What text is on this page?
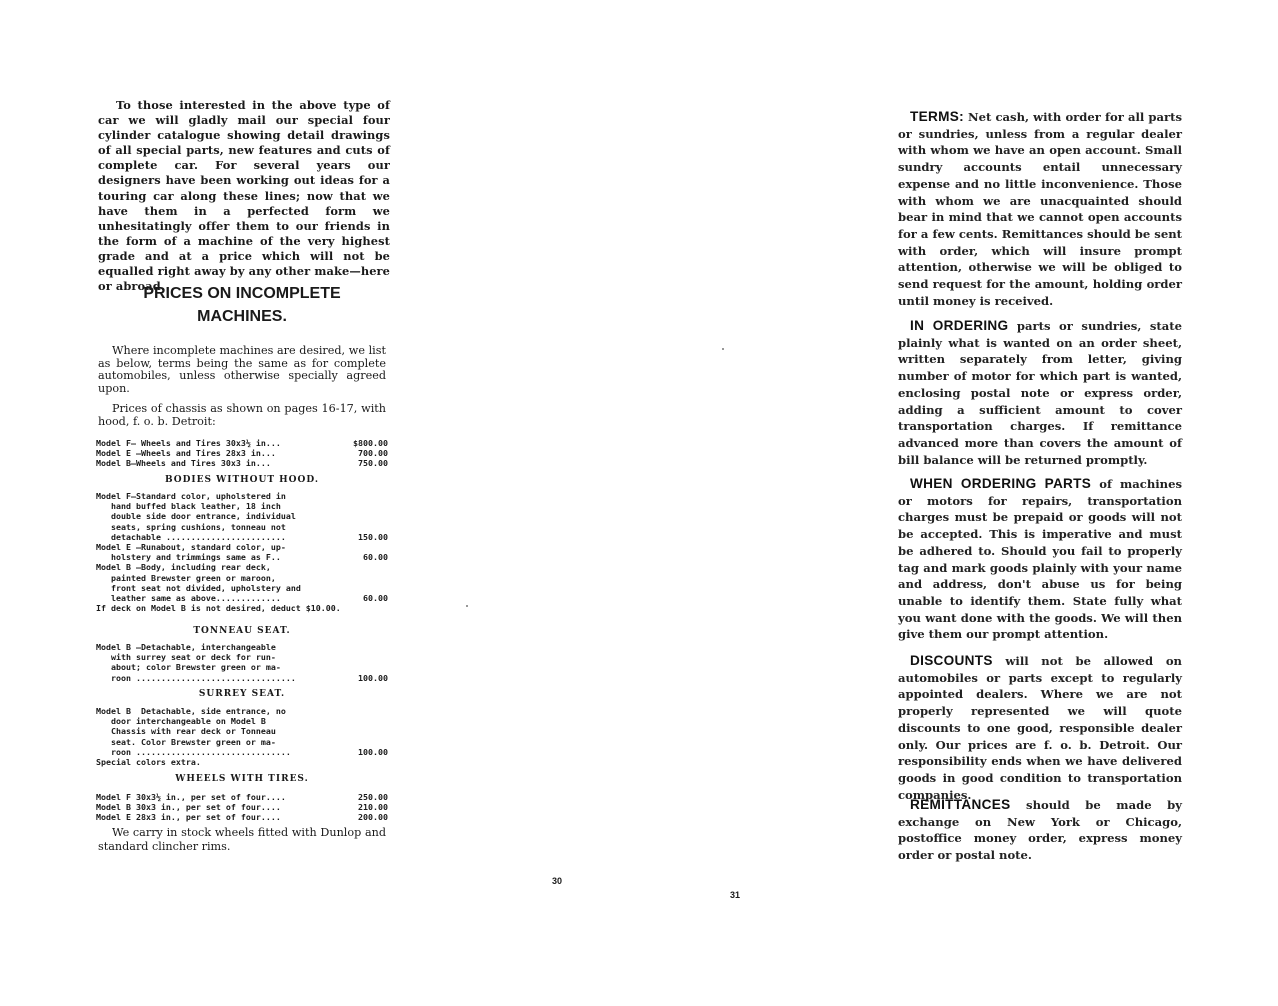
To those interested in the above type of car we will gladly mail our special four cylinder catalogue showing detail drawings of all special parts, new features and cuts of complete car. For several years our designers have been working out ideas for a touring car along these lines; now that we have them in a perfected form we unhesitatingly offer them to our friends in the form of a machine of the very highest grade and at a price which will not be equalled right away by any other make—here or abroad.
PRICES ON INCOMPLETE
MACHINES.
Where incomplete machines are desired, we list as below, terms being the same as for complete automobiles, unless otherwise specially agreed upon.
Prices of chassis as shown on pages 16-17, with hood, f. o. b. Detroit:
Model F— Wheels and Tires 30x3½ in...	$800.00
Model E —Wheels and Tires 28x3 in...	700.00
Model B—Wheels and Tires 30x3 in...	750.00
BODIES WITHOUT HOOD.
Model F—Standard color, upholstered in
hand buffed black leather, 18 inch
double side door entrance, individual
seats, spring cushions, tonneau not
detachable ........................	150.00
Model E —Runabout, standard color, up-
holstery and trimmings same as F..	60.00
Model B —Body, including rear deck,
painted Brewster green or maroon,
front seat not divided, upholstery and
leather same as above.............	60.00
If deck on Model B is not desired, deduct $10.00.
TONNEAU SEAT.
Model B —Detachable, interchangeable
with surrey seat or deck for run-
about; color Brewster green or ma-
roon ................................	100.00
SURREY SEAT.
Model B  Detachable, side entrance, no
door interchangeable on Model B
Chassis with rear deck or Tonneau
seat. Color Brewster green or ma-
roon ...............................	100.00
Special colors extra.
WHEELS WITH TIRES.
Model F 30x3½ in., per set of four....	250.00
Model B 30x3 in., per set of four....	210.00
Model E 28x3 in., per set of four....	200.00
We carry in stock wheels fitted with Dunlop and standard clincher rims.
30

TERMS: Net cash, with order for all parts or sundries, unless from a regular dealer with whom we have an open account. Small sundry accounts entail unnecessary expense and no little inconvenience. Those with whom we are unacquainted should bear in mind that we cannot open accounts for a few cents. Remittances should be sent with order, which will insure prompt attention, otherwise we will be obliged to send request for the amount, holding order until money is received.

IN ORDERING parts or sundries, state plainly what is wanted on an order sheet, written separately from letter, giving number of motor for which part is wanted, enclosing postal note or express order, adding a sufficient amount to cover transportation charges. If remittance advanced more than covers the amount of bill balance will be returned promptly.

WHEN ORDERING PARTS of machines or motors for repairs, transportation charges must be prepaid or goods will not be accepted. This is imperative and must be adhered to. Should you fail to properly tag and mark goods plainly with your name and address, don't abuse us for being unable to identify them. State fully what you want done with the goods. We will then give them our prompt attention.

DISCOUNTS will not be allowed on automobiles or parts except to regularly appointed dealers. Where we are not properly represented we will quote discounts to one good, responsible dealer only. Our prices are f. o. b. Detroit. Our responsibility ends when we have delivered goods in good condition to transportation companies.

REMITTANCES should be made by exchange on New York or Chicago, postoffice money order, express money order or postal note.

31
